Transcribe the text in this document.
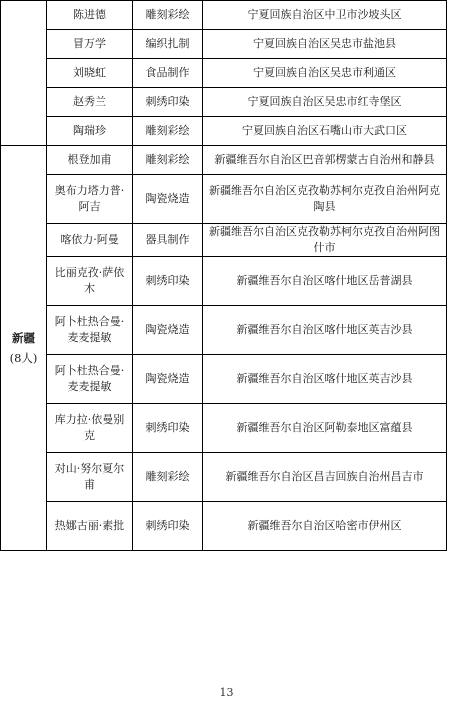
	陈进德	雕刻彩绘	宁夏回族自治区中卫市沙坡头区
	冒万学	编织扎制	宁夏回族自治区吴忠市盐池县
	刘晓虹	食品制作	宁夏回族自治区吴忠市利通区
	赵秀兰	刺绣印染	宁夏回族自治区吴忠市红寺堡区
	陶瑞珍	雕刻彩绘	宁夏回族自治区石嘴山市大武口区

新疆
(8人)	根登加甫	雕刻彩绘	新疆维吾尔自治区巴音郭楞蒙古自治州和静县
	奥布力塔力普·阿吉	陶瓷烧造	新疆维吾尔自治区克孜勒苏柯尔克孜自治州阿克陶县
	喀依力·阿曼	器具制作	新疆维吾尔自治区克孜勒苏柯尔克孜自治州阿图什市
	比丽克孜·萨依木	刺绣印染	新疆维吾尔自治区喀什地区岳普湖县
	阿卜杜热合曼·麦麦提敏	陶瓷烧造	新疆维吾尔自治区喀什地区英吉沙县
	阿卜杜热合曼·麦麦提敏	陶瓷烧造	新疆维吾尔自治区喀什地区英吉沙县
	库力拉·依曼别克	刺绣印染	新疆维吾尔自治区阿勒泰地区富蕴县
	对山·努尔夏尔甫	雕刻彩绘	新疆维吾尔自治区昌吉回族自治州昌吉市
	热娜古丽·素批	刺绣印染	新疆维吾尔自治区哈密市伊州区
13
